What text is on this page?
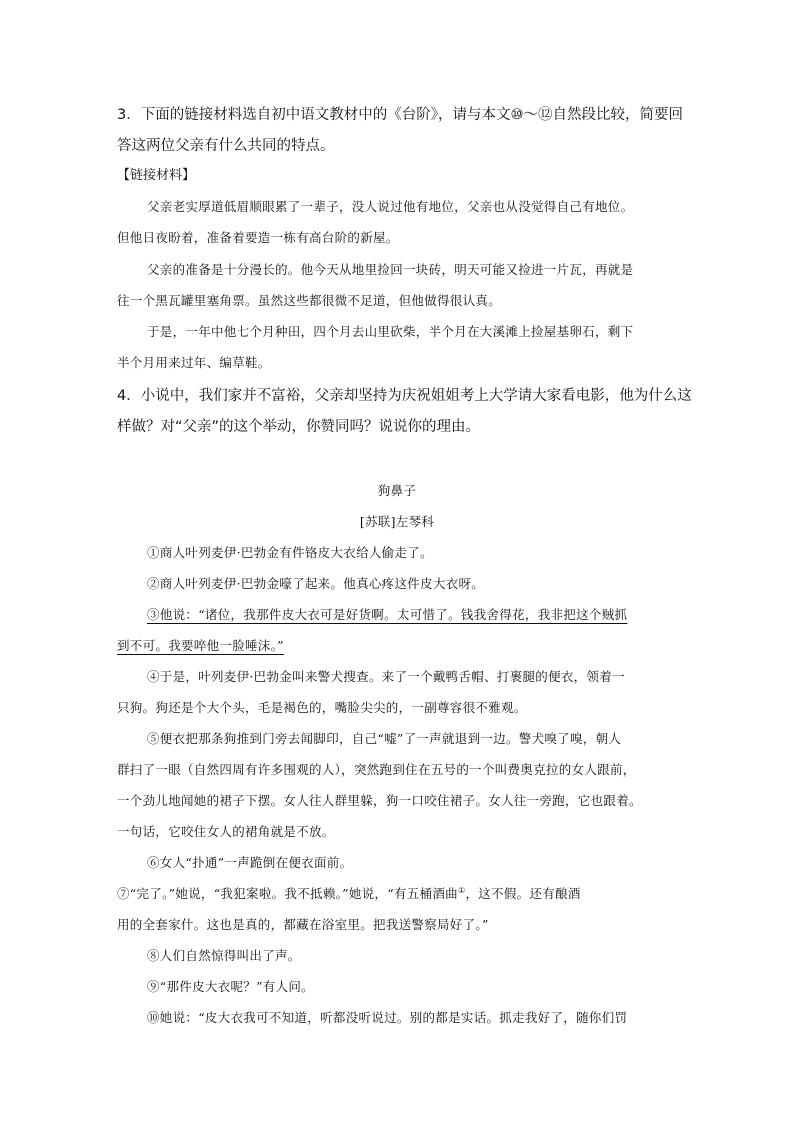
3．下面的链接材料选自初中语文教材中的《台阶》，请与本文⑩～⑫自然段比较，简要回
答这两位父亲有什么共同的特点。
【链接材料】
父亲老实厚道低眉顺眼累了一辈子，没人说过他有地位，父亲也从没觉得自己有地位。
但他日夜盼着，准备着要造一栋有高台阶的新屋。
父亲的准备是十分漫长的。他今天从地里捡回一块砖，明天可能又捡进一片瓦，再就是
往一个黑瓦罐里塞角票。虽然这些都很微不足道，但他做得很认真。
于是，一年中他七个月种田，四个月去山里砍柴，半个月在大溪滩上捡屋基卵石，剩下
半个月用来过年、编草鞋。
4．小说中，我们家并不富裕，父亲却坚持为庆祝姐姐考上大学请大家看电影，他为什么这
样做？对“父亲”的这个举动，你赞同吗？说说你的理由。
狗鼻子
[苏联]左琴科
①商人叶列麦伊·巴勃金有件铬皮大衣给人偷走了。
②商人叶列麦伊·巴勃金嚎了起来。他真心疼这件皮大衣呀。
③他说：“诸位，我那件皮大衣可是好货啊。太可惜了。钱我舍得花，我非把这个贼抓
到不可。我要啐他一脸唾沫。”
④于是，叶列麦伊·巴勃金叫来警犬搜查。来了一个戴鸭舌帽、打裹腿的便衣，领着一
只狗。狗还是个大个头，毛是褐色的，嘴脸尖尖的，一副尊容很不雅观。
⑤便衣把那条狗推到门旁去闻脚印，自己“嘘”了一声就退到一边。警犬嗅了嗅，朝人
群扫了一眼（自然四周有许多围观的人），突然跑到住在五号的一个叫费奥克拉的女人跟前，
一个劲儿地闻她的裙子下摆。女人往人群里躲，狗一口咬住裙子。女人往一旁跑，它也跟着。
一句话，它咬住女人的裙角就是不放。
⑥女人“扑通”一声跪倒在便衣面前。
⑦“完了。”她说，“我犯案啦。我不抵赖。”她说，“有五桶酒曲①，这不假。还有酿酒
用的全套家什。这也是真的，都藏在浴室里。把我送警察局好了。”
⑧人们自然惊得叫出了声。
⑨“那件皮大衣呢？”有人问。
⑩她说：“皮大衣我可不知道，听都没听说过。别的都是实话。抓走我好了，随你们罚
